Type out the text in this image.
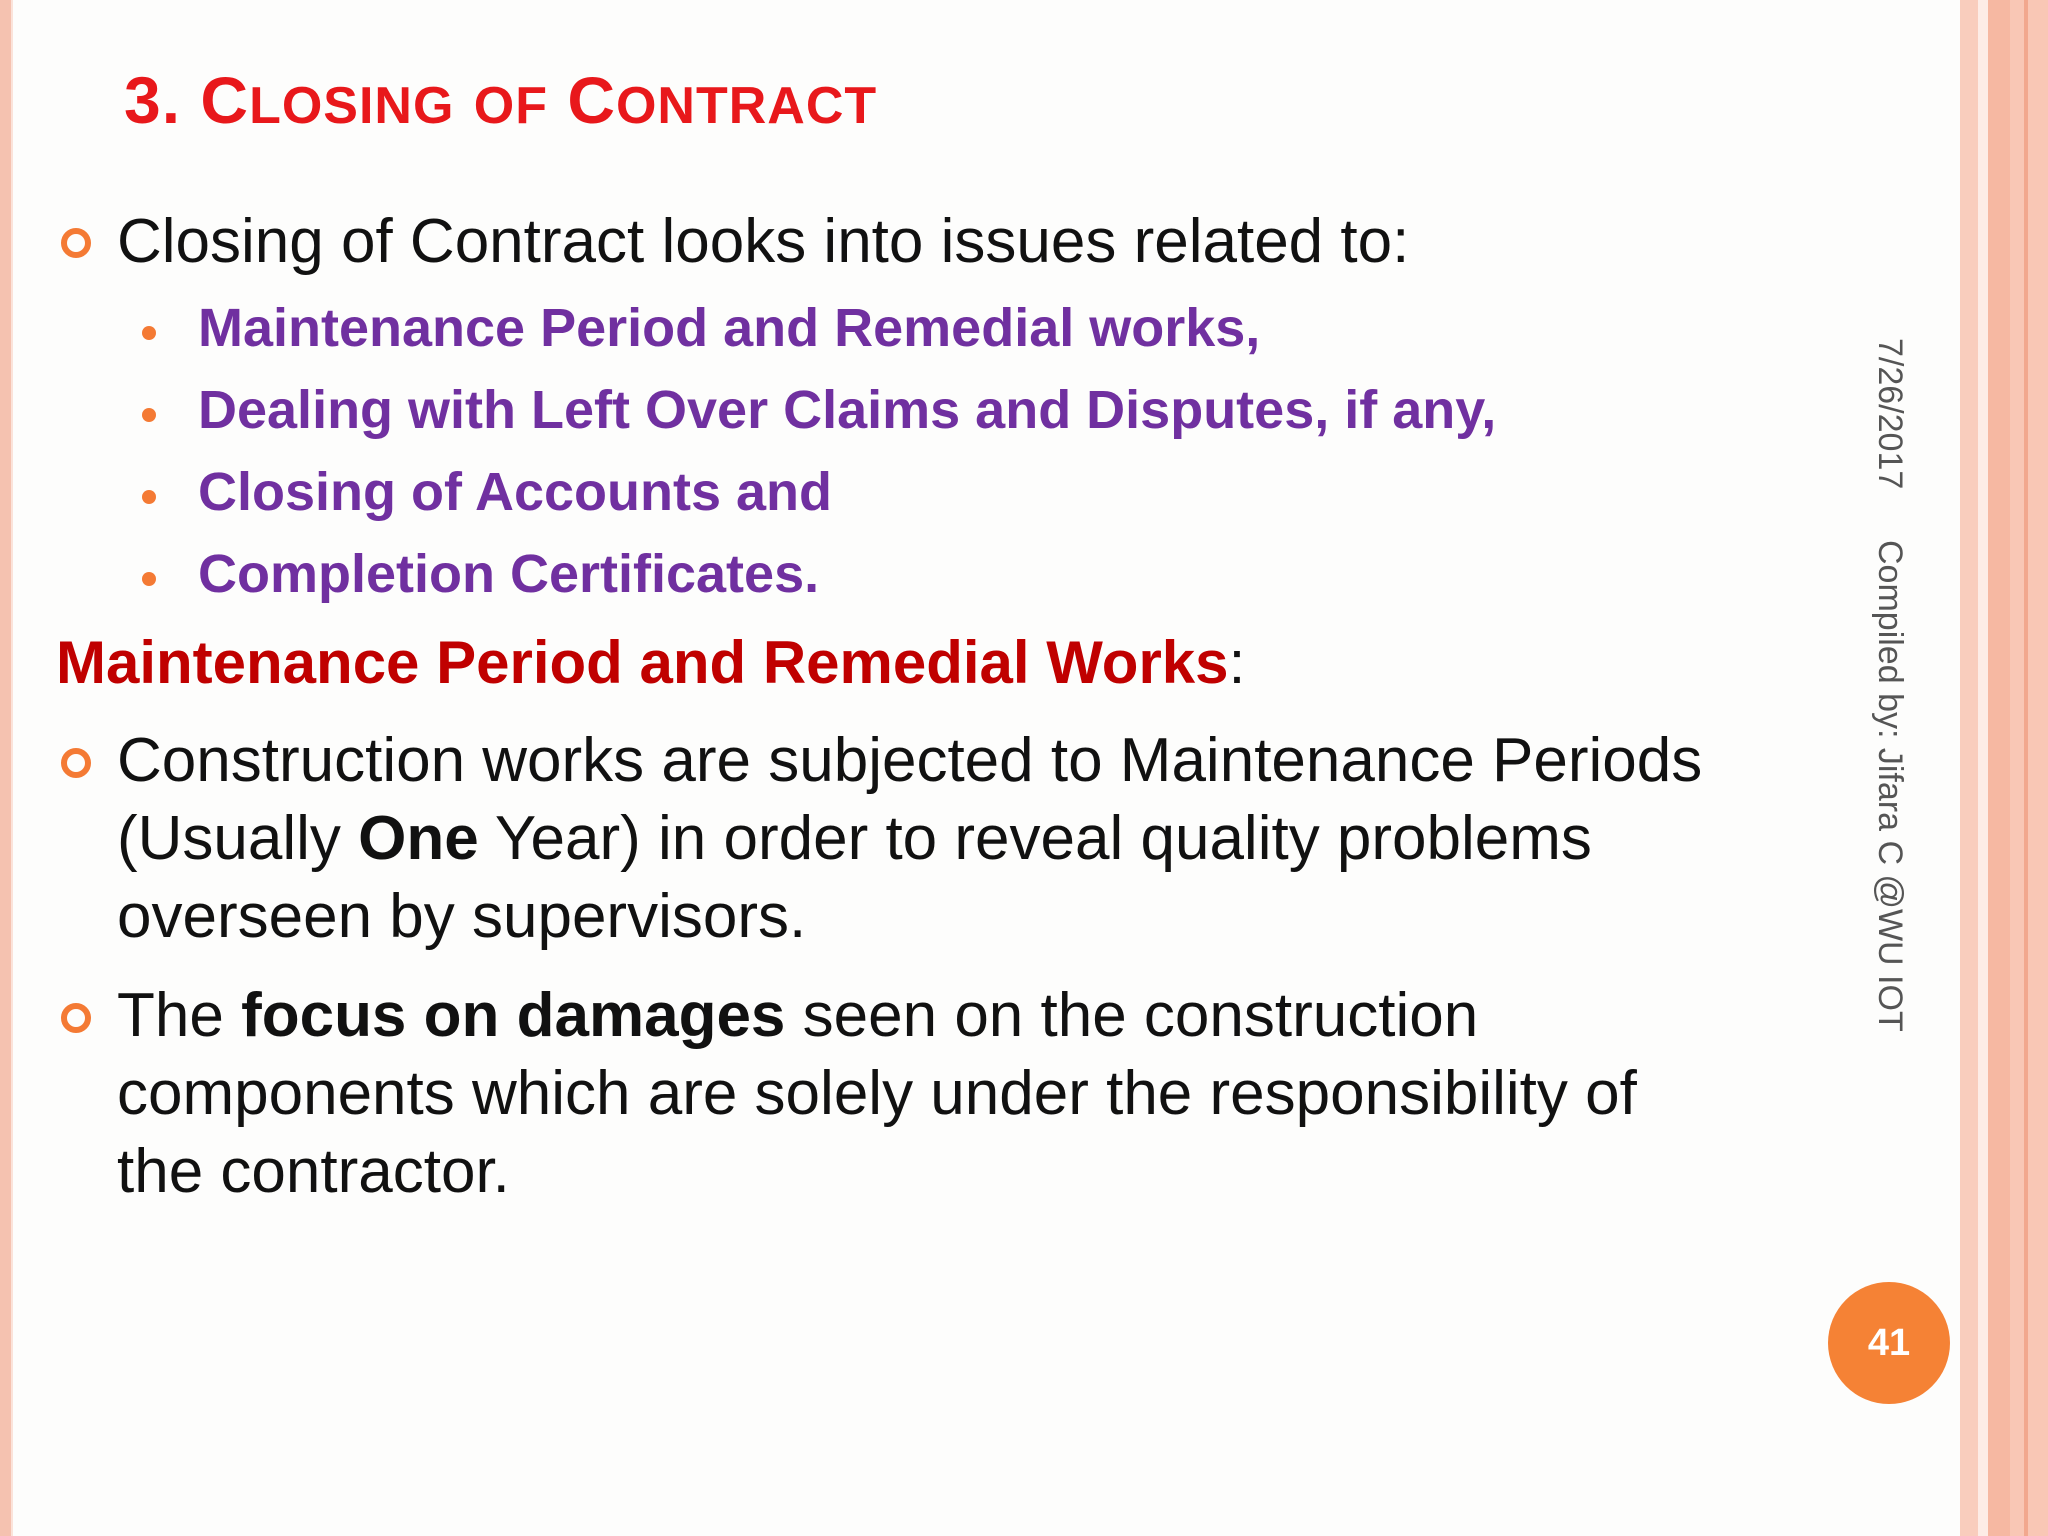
3. CLOSING OF CONTRACT
Closing of Contract looks into issues related to:
Maintenance Period and Remedial works,
Dealing with Left Over Claims and Disputes, if any,
Closing of Accounts and
Completion Certificates.
Maintenance Period and Remedial Works:
Construction works are subjected to Maintenance Periods
(Usually One Year) in order to reveal quality problems
overseen by supervisors.
The focus on damages seen on the construction
components which are solely under the responsibility of
the contractor.
7/26/2017
Compiled by: Jifara C @WU IOT
41
